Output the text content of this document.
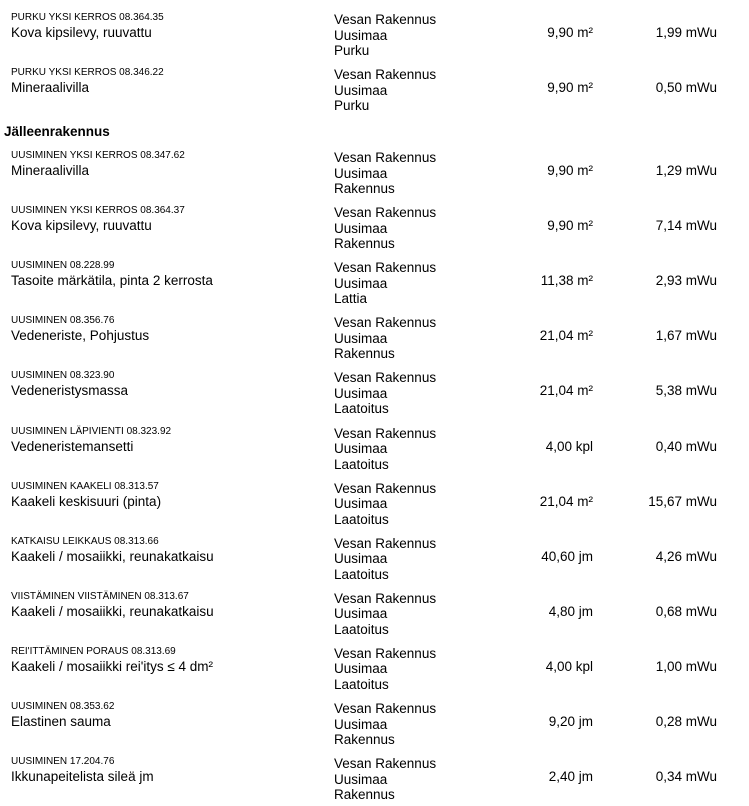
Jälleenrakennus
PURKU YKSI KERROS 08.364.35
Kova kipsilevy, ruuvattu
Vesan Rakennus
Uusimaa
Purku
9,90 m²	1,99 mWu
PURKU YKSI KERROS 08.346.22
Mineraalivilla
Vesan Rakennus
Uusimaa
Purku
9,90 m²	0,50 mWu
UUSIMINEN YKSI KERROS 08.347.62
Mineraalivilla
Vesan Rakennus
Uusimaa
Rakennus
9,90 m²	1,29 mWu
UUSIMINEN YKSI KERROS 08.364.37
Kova kipsilevy, ruuvattu
Vesan Rakennus
Uusimaa
Rakennus
9,90 m²	7,14 mWu
UUSIMINEN 08.228.99
Tasoite märkätila, pinta 2 kerrosta
Vesan Rakennus
Uusimaa
Lattia
11,38 m²	2,93 mWu
UUSIMINEN 08.356.76
Vedeneriste, Pohjustus
Vesan Rakennus
Uusimaa
Rakennus
21,04 m²	1,67 mWu
UUSIMINEN 08.323.90
Vedeneristysmassa
Vesan Rakennus
Uusimaa
Laatoitus
21,04 m²	5,38 mWu
UUSIMINEN LÄPIVIENTI 08.323.92
Vedeneristemansetti
Vesan Rakennus
Uusimaa
Laatoitus
4,00 kpl	0,40 mWu
UUSIMINEN KAAKELI 08.313.57
Kaakeli keskisuuri (pinta)
Vesan Rakennus
Uusimaa
Laatoitus
21,04 m²	15,67 mWu
KATKAISU LEIKKAUS 08.313.66
Kaakeli / mosaiikki, reunakatkaisu
Vesan Rakennus
Uusimaa
Laatoitus
40,60 jm	4,26 mWu
VIISTÄMINEN VIISTÄMINEN 08.313.67
Kaakeli / mosaiikki, reunakatkaisu
Vesan Rakennus
Uusimaa
Laatoitus
4,80 jm	0,68 mWu
REI'ITTÄMINEN PORAUS 08.313.69
Kaakeli / mosaiikki rei'itys ≤ 4 dm²
Vesan Rakennus
Uusimaa
Laatoitus
4,00 kpl	1,00 mWu
UUSIMINEN 08.353.62
Elastinen sauma
Vesan Rakennus
Uusimaa
Rakennus
9,20 jm	0,28 mWu
UUSIMINEN 17.204.76
Ikkunapeitelista sileä jm
Vesan Rakennus
Uusimaa
Rakennus
2,40 jm	0,34 mWu
